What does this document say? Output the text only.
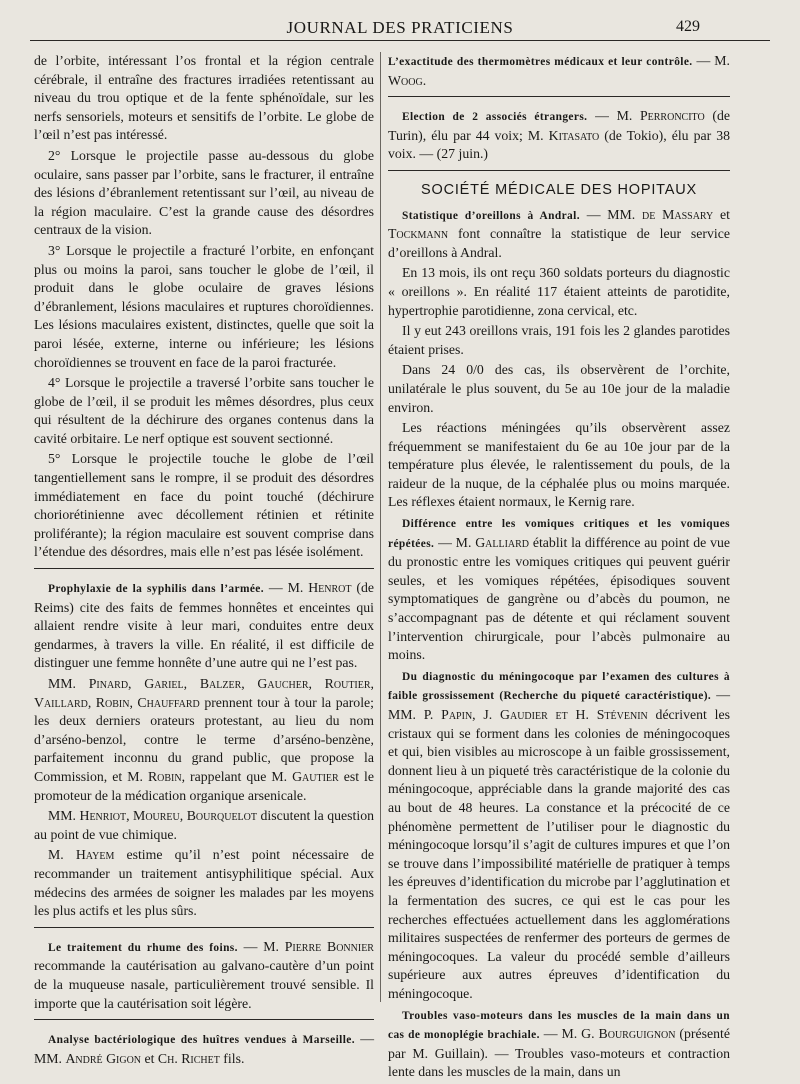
JOURNAL DES PRATICIENS	429

de l’orbite, intéressant l’os frontal et la région centrale cérébrale, il entraîne des fractures irradiées retentissant au niveau du trou optique et de la fente sphénoïdale, sur les nerfs sensoriels, moteurs et sensitifs de l’orbite. Le globe de l’œil n’est pas intéressé.

2° Lorsque le projectile passe au-dessous du globe oculaire, sans passer par l’orbite, sans le fracturer, il entraîne des lésions d’ébranlement retentissant sur l’œil, au niveau de la région maculaire. C’est la grande cause des désordres centraux de la vision.

3° Lorsque le projectile a fracturé l’orbite, en enfonçant plus ou moins la paroi, sans toucher le globe de l’œil, il produit dans le globe oculaire de graves lésions d’ébranlement, lésions maculaires et ruptures choroïdiennes. Les lésions maculaires existent, distinctes, quelle que soit la paroi lésée, externe, interne ou inférieure; les lésions choroïdiennes se trouvent en face de la paroi fracturée.

4° Lorsque le projectile a traversé l’orbite sans toucher le globe de l’œil, il se produit les mêmes désordres, plus ceux qui résultent de la déchirure des organes contenus dans la cavité orbitaire. Le nerf optique est souvent sectionné.

5° Lorsque le projectile touche le globe de l’œil tangentiellement sans le rompre, il se produit des désordres immédiatement en face du point touché (déchirure choriorétinienne avec décollement rétinien et rétinite proliférante); la région maculaire est souvent comprise dans l’étendue des désordres, mais elle n’est pas lésée isolément.

Prophylaxie de la syphilis dans l’armée. — M. Henrot (de Reims) cite des faits de femmes honnêtes et enceintes qui allaient rendre visite à leur mari, conduites entre deux gendarmes, à travers la ville. En réalité, il est difficile de distinguer une femme honnête d’une autre qui ne l’est pas.

MM. Pinard, Gariel, Balzer, Gaucher, Routier, Vaillard, Robin, Chauffard prennent tour à tour la parole; les deux derniers orateurs protestant, au lieu du nom d’arséno-benzol, contre le terme d’arséno-benzène, parfaitement inconnu du grand public, que propose la Commission, et M. Robin, rappelant que M. Gautier est le promoteur de la médication organique arsenicale.

MM. Henriot, Moureu, Bourquelot discutent la question au point de vue chimique.

M. Hayem estime qu’il n’est point nécessaire de recommander un traitement antisyphilitique spécial. Aux médecins des armées de soigner les malades par les moyens les plus actifs et les plus sûrs.

Le traitement du rhume des foins. — M. Pierre Bonnier recommande la cautérisation au galvano-cautère d’un point de la muqueuse nasale, particulièrement trouvé sensible. Il importe que la cautérisation soit légère.

Analyse bactériologique des huîtres vendues à Marseille. — MM. André Gigon et Ch. Richet fils.

L’exactitude des thermomètres médicaux et leur contrôle. — M. Woog.

Election de 2 associés étrangers. — M. Perroncito (de Turin), élu par 44 voix; M. Kitasato (de Tokio), élu par 38 voix. — (27 juin.)

SOCIÉTÉ MÉDICALE DES HOPITAUX

Statistique d’oreillons à Andral. — MM. de Massary et Tockmann font connaître la statistique de leur service d’oreillons à Andral.

En 13 mois, ils ont reçu 360 soldats porteurs du diagnostic « oreillons ». En réalité 117 étaient atteints de parotidite, hypertrophie parotidienne, zona cervical, etc.

Il y eut 243 oreillons vrais, 191 fois les 2 glandes parotides étaient prises.

Dans 24 0/0 des cas, ils observèrent de l’orchite, unilatérale le plus souvent, du 5e au 10e jour de la maladie environ.

Les réactions méningées qu’ils observèrent assez fréquemment se manifestaient du 6e au 10e jour par de la température plus élevée, le ralentissement du pouls, de la raideur de la nuque, de la céphalée plus ou moins marquée. Les réflexes étaient normaux, le Kernig rare.

Différence entre les vomiques critiques et les vomiques répétées. — M. Galliard établit la différence au point de vue du pronostic entre les vomiques critiques qui peuvent guérir seules, et les vomiques répétées, épisodiques souvent symptomatiques de gangrène ou d’abcès du poumon, ne s’accompagnant pas de détente et qui réclament souvent l’intervention chirurgicale, pour l’abcès pulmonaire au moins.

Du diagnostic du méningocoque par l’examen des cultures à faible grossissement (Recherche du piqueté caractéristique). — MM. P. Papin, J. Gaudier et H. Stévenin décrivent les cristaux qui se forment dans les colonies de méningocoques et qui, bien visibles au microscope à un faible grossissement, donnent lieu à un piqueté très caractéristique de la colonie du méningocoque, appréciable dans la grande majorité des cas au bout de 48 heures. La constance et la précocité de ce phénomène permettent de l’utiliser pour le diagnostic du méningocoque lorsqu’il s’agit de cultures impures et que l’on se trouve dans l’impossibilité matérielle de pratiquer à temps les épreuves d’identification du microbe par l’agglutination et la fermentation des sucres, ce qui est le cas pour les recherches effectuées actuellement dans les agglomérations militaires suspectées de renfermer des porteurs de germes de méningocoques. La valeur du procédé semble d’ailleurs supérieure aux autres épreuves d’identification du méningocoque.

Troubles vaso-moteurs dans les muscles de la main dans un cas de monoplégie brachiale. — M. G. Bourguignon (présenté par M. Guillain). — Troubles vaso-moteurs et contraction lente dans les muscles de la main, dans un
